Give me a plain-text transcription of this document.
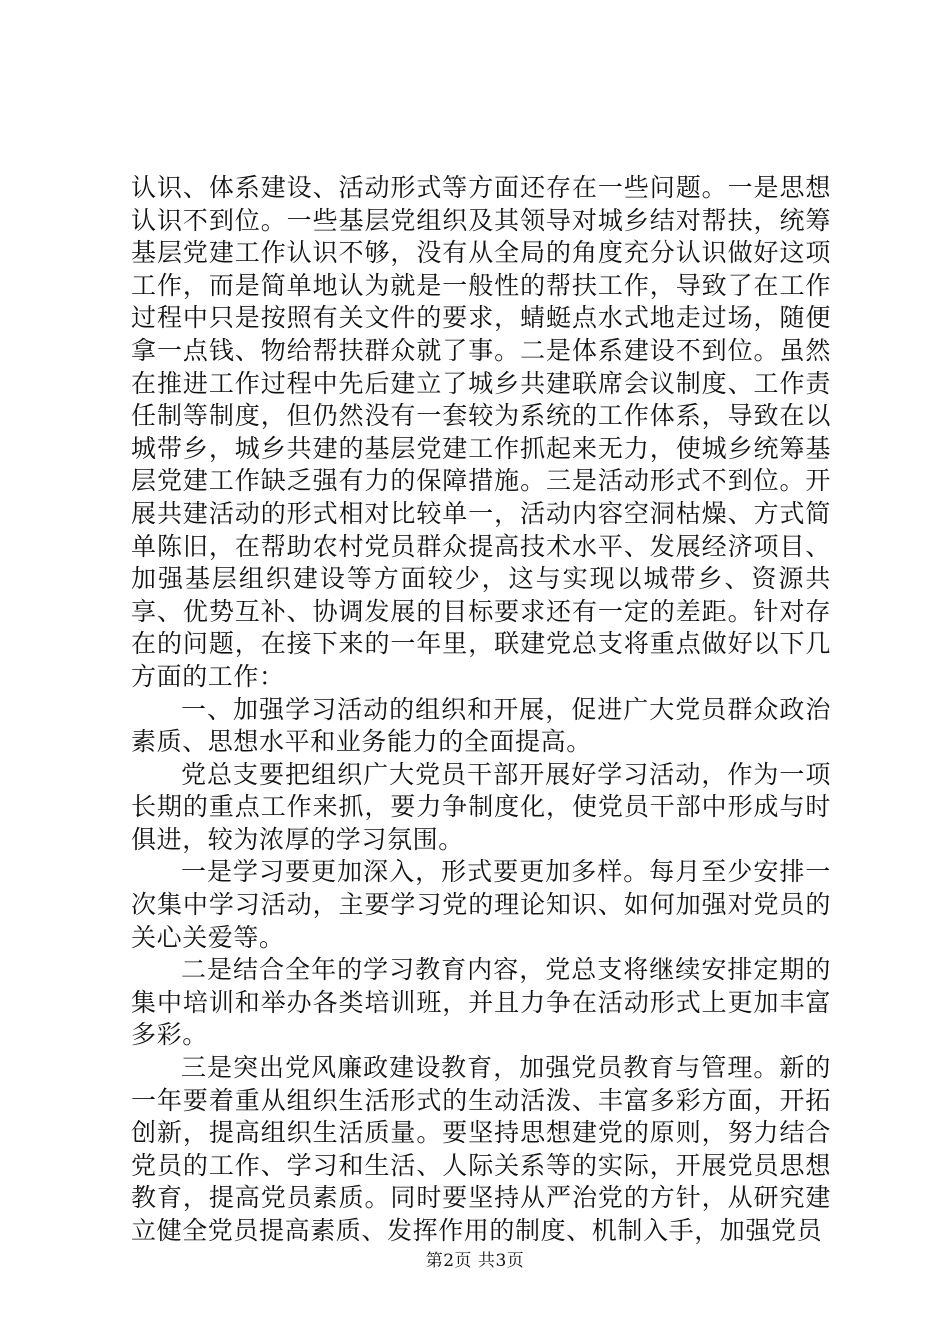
认识、体系建设、活动形式等方面还存在一些问题。一是思想认识不到位。一些基层党组织及其领导对城乡结对帮扶，统筹基层党建工作认识不够，没有从全局的角度充分认识做好这项工作，而是简单地认为就是一般性的帮扶工作，导致了在工作过程中只是按照有关文件的要求，蜻蜓点水式地走过场，随便拿一点钱、物给帮扶群众就了事。二是体系建设不到位。虽然在推进工作过程中先后建立了城乡共建联席会议制度、工作责任制等制度，但仍然没有一套较为系统的工作体系，导致在以城带乡，城乡共建的基层党建工作抓起来无力，使城乡统筹基层党建工作缺乏强有力的保障措施。三是活动形式不到位。开展共建活动的形式相对比较单一，活动内容空洞枯燥、方式简单陈旧，在帮助农村党员群众提高技术水平、发展经济项目、加强基层组织建设等方面较少，这与实现以城带乡、资源共享、优势互补、协调发展的目标要求还有一定的差距。针对存在的问题，在接下来的一年里，联建党总支将重点做好以下几方面的工作：

一、加强学习活动的组织和开展，促进广大党员群众政治素质、思想水平和业务能力的全面提高。

党总支要把组织广大党员干部开展好学习活动，作为一项长期的重点工作来抓，要力争制度化，使党员干部中形成与时俱进，较为浓厚的学习氛围。

一是学习要更加深入，形式要更加多样。每月至少安排一次集中学习活动，主要学习党的理论知识、如何加强对党员的关心关爱等。

二是结合全年的学习教育内容，党总支将继续安排定期的集中培训和举办各类培训班，并且力争在活动形式上更加丰富多彩。

三是突出党风廉政建设教育，加强党员教育与管理。新的一年要着重从组织生活形式的生动活泼、丰富多彩方面，开拓创新，提高组织生活质量。要坚持思想建党的原则，努力结合党员的工作、学习和生活、人际关系等的实际，开展党员思想教育，提高党员素质。同时要坚持从严治党的方针，从研究建立健全党员提高素质、发挥作用的制度、机制入手，加强党员

第2页 共3页
